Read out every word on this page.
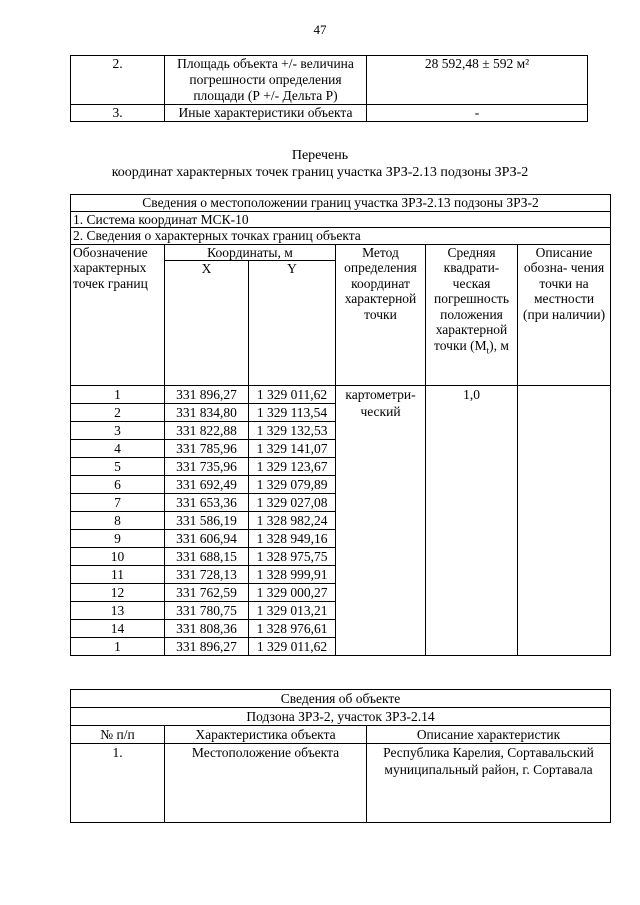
47
2.	Площадь объекта +/- величина погрешности определения площади (Р +/- Дельта Р)	28 592,48 ± 592 м²
3.	Иные характеристики объекта	-
Перечень
координат характерных точек границ участка ЗРЗ-2.13 подзоны ЗРЗ-2
Сведения о местоположении границ участка ЗРЗ-2.13 подзоны ЗРЗ-2					
1. Система координат МСК-10					
2. Сведения о характерных точках границ объекта					
Обозначение характерных точек границ	Координаты, м		Метод определения координат характерной точки	Средняя квадрати- ческая погрешность положения характерной точки $(M_t)$, м	Описание обозна- чения точки на местности (при наличии)
	X	Y			
1	331 896,27	1 329 011,62	картометри- ческий	1,0	
2	331 834,80	1 329 113,54			
3	331 822,88	1 329 132,53			
4	331 785,96	1 329 141,07			
5	331 735,96	1 329 123,67			
6	331 692,49	1 329 079,89			
7	331 653,36	1 329 027,08			
8	331 586,19	1 328 982,24			
9	331 606,94	1 328 949,16			
10	331 688,15	1 328 975,75			
11	331 728,13	1 328 999,91			
12	331 762,59	1 329 000,27			
13	331 780,75	1 329 013,21			
14	331 808,36	1 328 976,61			
1	331 896,27	1 329 011,62			
Сведения об объекте		
Подзона ЗРЗ-2, участок ЗРЗ-2.14		
№ п/п	Характеристика объекта	Описание характеристик
1.	Местоположение объекта	Республика Карелия, Сортавальский муниципальный район, г. Сортавала
